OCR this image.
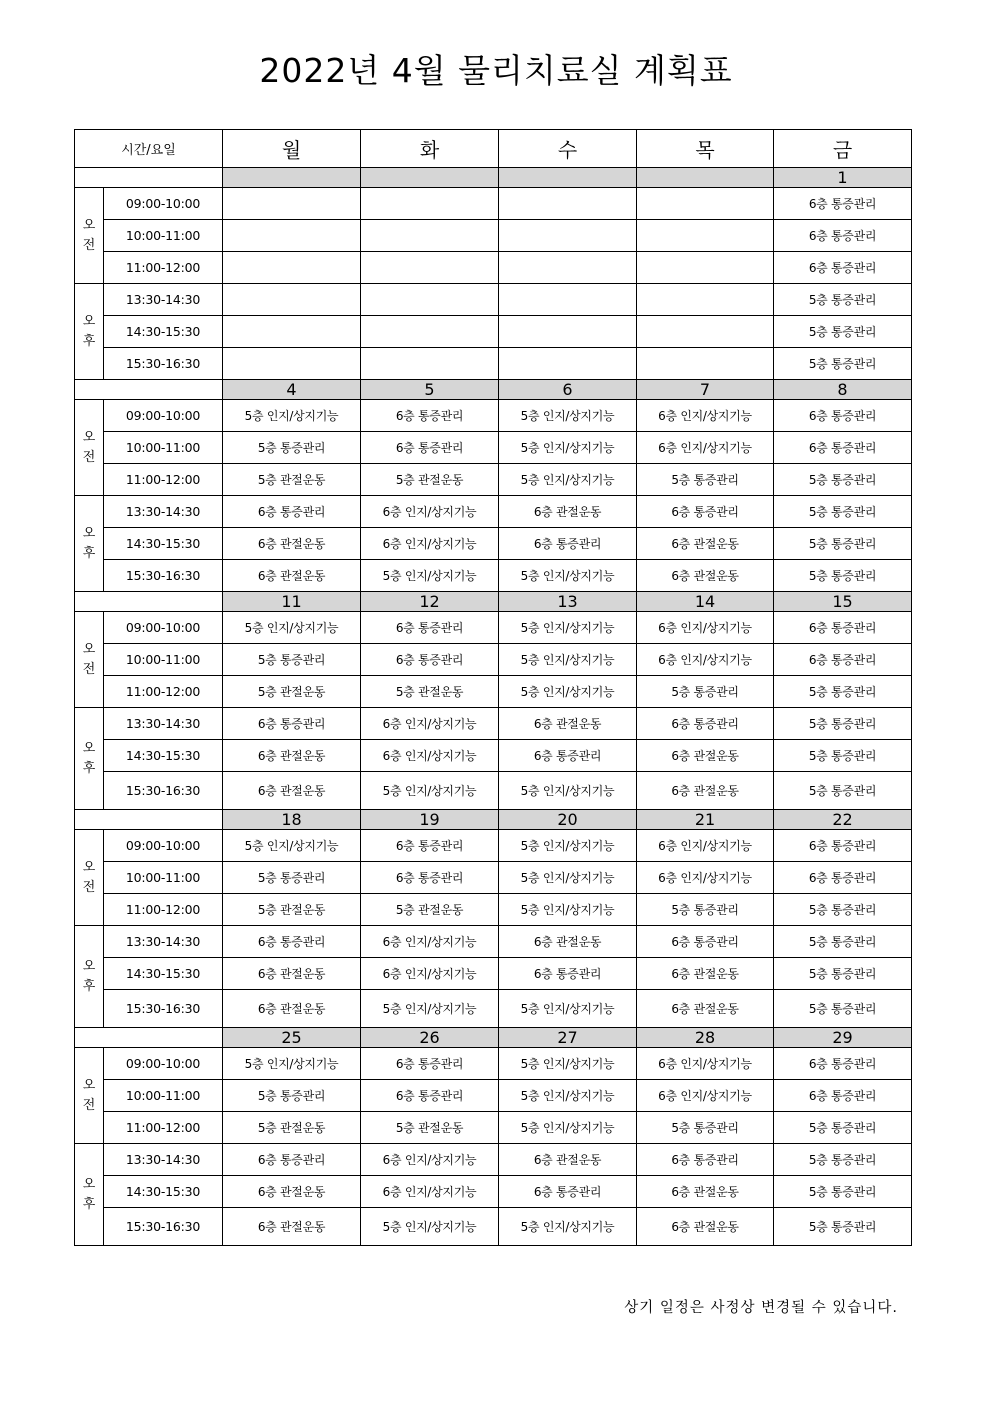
2022년 4월 물리치료실 계획표
시간/요일		월	화	수	목	금
						1
오
전	09:00-10:00					6층 통증관리
	10:00-11:00					6층 통증관리
	11:00-12:00					6층 통증관리
오
후	13:30-14:30					5층 통증관리
	14:30-15:30					5층 통증관리
	15:30-16:30					5층 통증관리
		4	5	6	7	8
오
전	09:00-10:00	5층 인지/상지기능	6층 통증관리	5층 인지/상지기능	6층 인지/상지기능	6층 통증관리
	10:00-11:00	5층 통증관리	6층 통증관리	5층 인지/상지기능	6층 인지/상지기능	6층 통증관리
	11:00-12:00	5층 관절운동	5층 관절운동	5층 인지/상지기능	5층 통증관리	5층 통증관리
오
후	13:30-14:30	6층 통증관리	6층 인지/상지기능	6층 관절운동	6층 통증관리	5층 통증관리
	14:30-15:30	6층 관절운동	6층 인지/상지기능	6층 통증관리	6층 관절운동	5층 통증관리
	15:30-16:30	6층 관절운동	5층 인지/상지기능	5층 인지/상지기능	6층 관절운동	5층 통증관리
		11	12	13	14	15
오
전	09:00-10:00	5층 인지/상지기능	6층 통증관리	5층 인지/상지기능	6층 인지/상지기능	6층 통증관리
	10:00-11:00	5층 통증관리	6층 통증관리	5층 인지/상지기능	6층 인지/상지기능	6층 통증관리
	11:00-12:00	5층 관절운동	5층 관절운동	5층 인지/상지기능	5층 통증관리	5층 통증관리
오
후	13:30-14:30	6층 통증관리	6층 인지/상지기능	6층 관절운동	6층 통증관리	5층 통증관리
	14:30-15:30	6층 관절운동	6층 인지/상지기능	6층 통증관리	6층 관절운동	5층 통증관리
	15:30-16:30	6층 관절운동	5층 인지/상지기능	5층 인지/상지기능	6층 관절운동	5층 통증관리
		18	19	20	21	22
오
전	09:00-10:00	5층 인지/상지기능	6층 통증관리	5층 인지/상지기능	6층 인지/상지기능	6층 통증관리
	10:00-11:00	5층 통증관리	6층 통증관리	5층 인지/상지기능	6층 인지/상지기능	6층 통증관리
	11:00-12:00	5층 관절운동	5층 관절운동	5층 인지/상지기능	5층 통증관리	5층 통증관리
오
후	13:30-14:30	6층 통증관리	6층 인지/상지기능	6층 관절운동	6층 통증관리	5층 통증관리
	14:30-15:30	6층 관절운동	6층 인지/상지기능	6층 통증관리	6층 관절운동	5층 통증관리
	15:30-16:30	6층 관절운동	5층 인지/상지기능	5층 인지/상지기능	6층 관절운동	5층 통증관리
		25	26	27	28	29
오
전	09:00-10:00	5층 인지/상지기능	6층 통증관리	5층 인지/상지기능	6층 인지/상지기능	6층 통증관리
	10:00-11:00	5층 통증관리	6층 통증관리	5층 인지/상지기능	6층 인지/상지기능	6층 통증관리
	11:00-12:00	5층 관절운동	5층 관절운동	5층 인지/상지기능	5층 통증관리	5층 통증관리
오
후	13:30-14:30	6층 통증관리	6층 인지/상지기능	6층 관절운동	6층 통증관리	5층 통증관리
	14:30-15:30	6층 관절운동	6층 인지/상지기능	6층 통증관리	6층 관절운동	5층 통증관리
	15:30-16:30	6층 관절운동	5층 인지/상지기능	5층 인지/상지기능	6층 관절운동	5층 통증관리
상기 일정은 사정상 변경될 수 있습니다.
